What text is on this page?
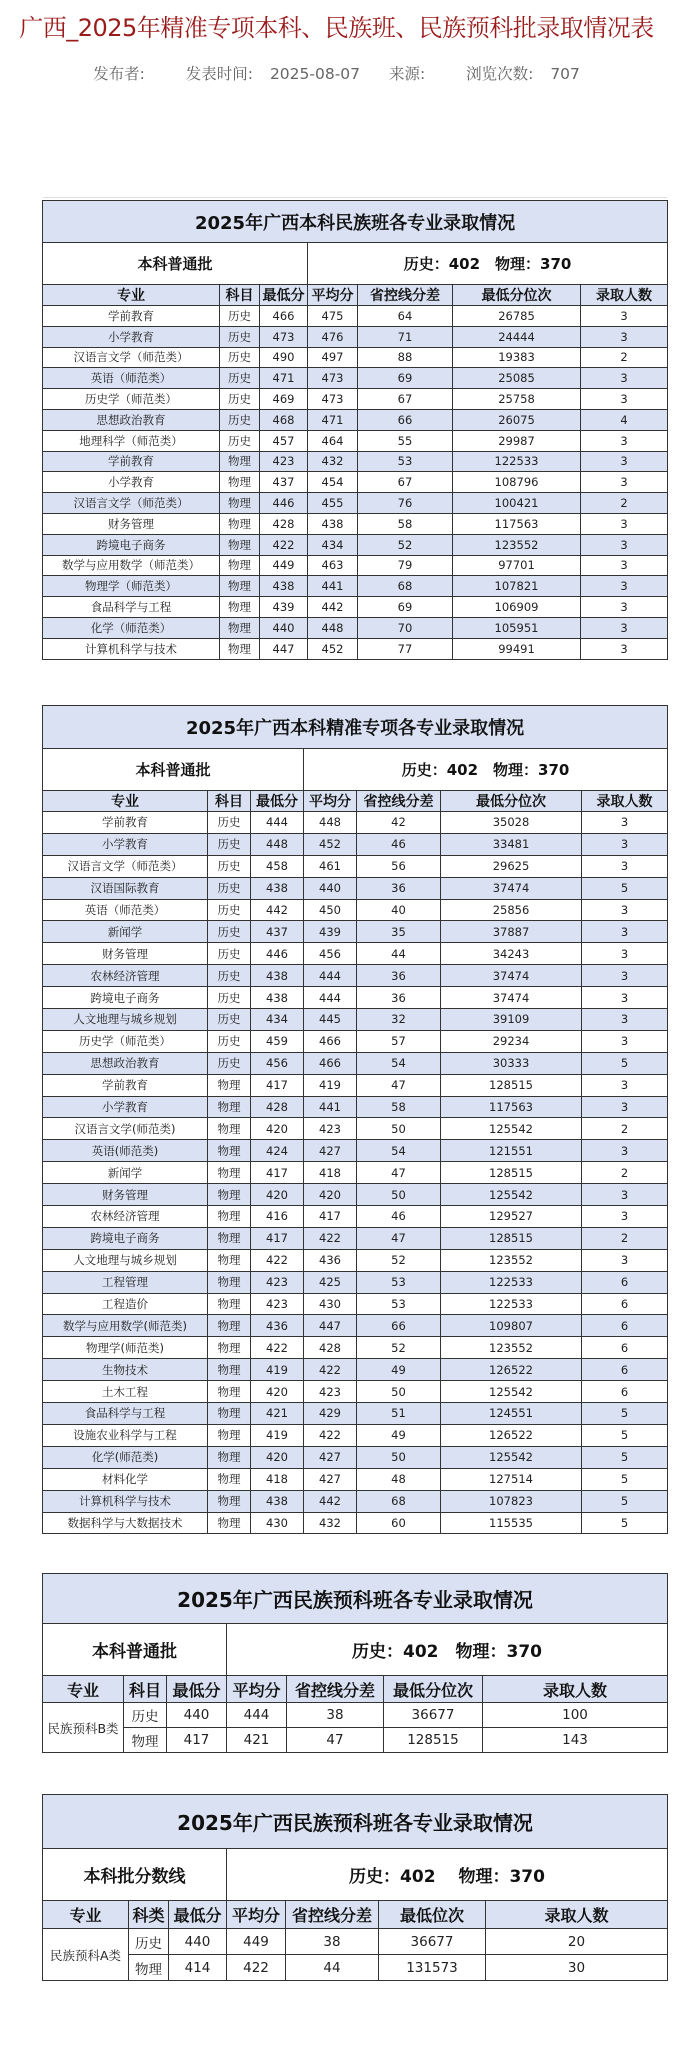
广西_2025年精准专项本科、民族班、民族预科批录取情况表
发布者:	发表时间: 2025-08-07 来源:	浏览次数: 707
2025年广西本科民族班各专业录取情况						
本科普通批			历史：402　物理：370			
专业	科目	最低分	平均分	省控线分差	最低分位次	录取人数
学前教育	历史	466	475	64	26785	3
小学教育	历史	473	476	71	24444	3
汉语言文学（师范类）	历史	490	497	88	19383	2
英语（师范类）	历史	471	473	69	25085	3
历史学（师范类）	历史	469	473	67	25758	3
思想政治教育	历史	468	471	66	26075	4
地理科学（师范类）	历史	457	464	55	29987	3
学前教育	物理	423	432	53	122533	3
小学教育	物理	437	454	67	108796	3
汉语言文学（师范类）	物理	446	455	76	100421	2
财务管理	物理	428	438	58	117563	3
跨境电子商务	物理	422	434	52	123552	3
数学与应用数学（师范类）	物理	449	463	79	97701	3
物理学（师范类）	物理	438	441	68	107821	3
食品科学与工程	物理	439	442	69	106909	3
化学（师范类）	物理	440	448	70	105951	3
计算机科学与技术	物理	447	452	77	99491	3
2025年广西本科精准专项各专业录取情况						
本科普通批			历史：402　物理：370			
专业	科目	最低分	平均分	省控线分差	最低分位次	录取人数
学前教育	历史	444	448	42	35028	3
小学教育	历史	448	452	46	33481	3
汉语言文学（师范类）	历史	458	461	56	29625	3
汉语国际教育	历史	438	440	36	37474	5
英语（师范类）	历史	442	450	40	25856	3
新闻学	历史	437	439	35	37887	3
财务管理	历史	446	456	44	34243	3
农林经济管理	历史	438	444	36	37474	3
跨境电子商务	历史	438	444	36	37474	3
人文地理与城乡规划	历史	434	445	32	39109	3
历史学（师范类）	历史	459	466	57	29234	3
思想政治教育	历史	456	466	54	30333	5
学前教育	物理	417	419	47	128515	3
小学教育	物理	428	441	58	117563	3
汉语言文学(师范类)	物理	420	423	50	125542	2
英语(师范类)	物理	424	427	54	121551	3
新闻学	物理	417	418	47	128515	2
财务管理	物理	420	420	50	125542	3
农林经济管理	物理	416	417	46	129527	3
跨境电子商务	物理	417	422	47	128515	2
人文地理与城乡规划	物理	422	436	52	123552	3
工程管理	物理	423	425	53	122533	6
工程造价	物理	423	430	53	122533	6
数学与应用数学(师范类)	物理	436	447	66	109807	6
物理学(师范类)	物理	422	428	52	123552	6
生物技术	物理	419	422	49	126522	6
土木工程	物理	420	423	50	125542	6
食品科学与工程	物理	421	429	51	124551	5
设施农业科学与工程	物理	419	422	49	126522	5
化学(师范类)	物理	420	427	50	125542	5
材料化学	物理	418	427	48	127514	5
计算机科学与技术	物理	438	442	68	107823	5
数据科学与大数据技术	物理	430	432	60	115535	5
2025年广西民族预科班各专业录取情况						
本科普通批			历史：402　物理：370			
专业	科目	最低分	平均分	省控线分差	最低分位次	录取人数
民族预科B类	历史	440	444	38	36677	100
	物理	417	421	47	128515	143
2025年广西民族预科班各专业录取情况						
本科批分数线			历史：402　 物理：370			
专业	科类	最低分	平均分	省控线分差	最低位次	录取人数
民族预科A类	历史	440	449	38	36677	20
	物理	414	422	44	131573	30
